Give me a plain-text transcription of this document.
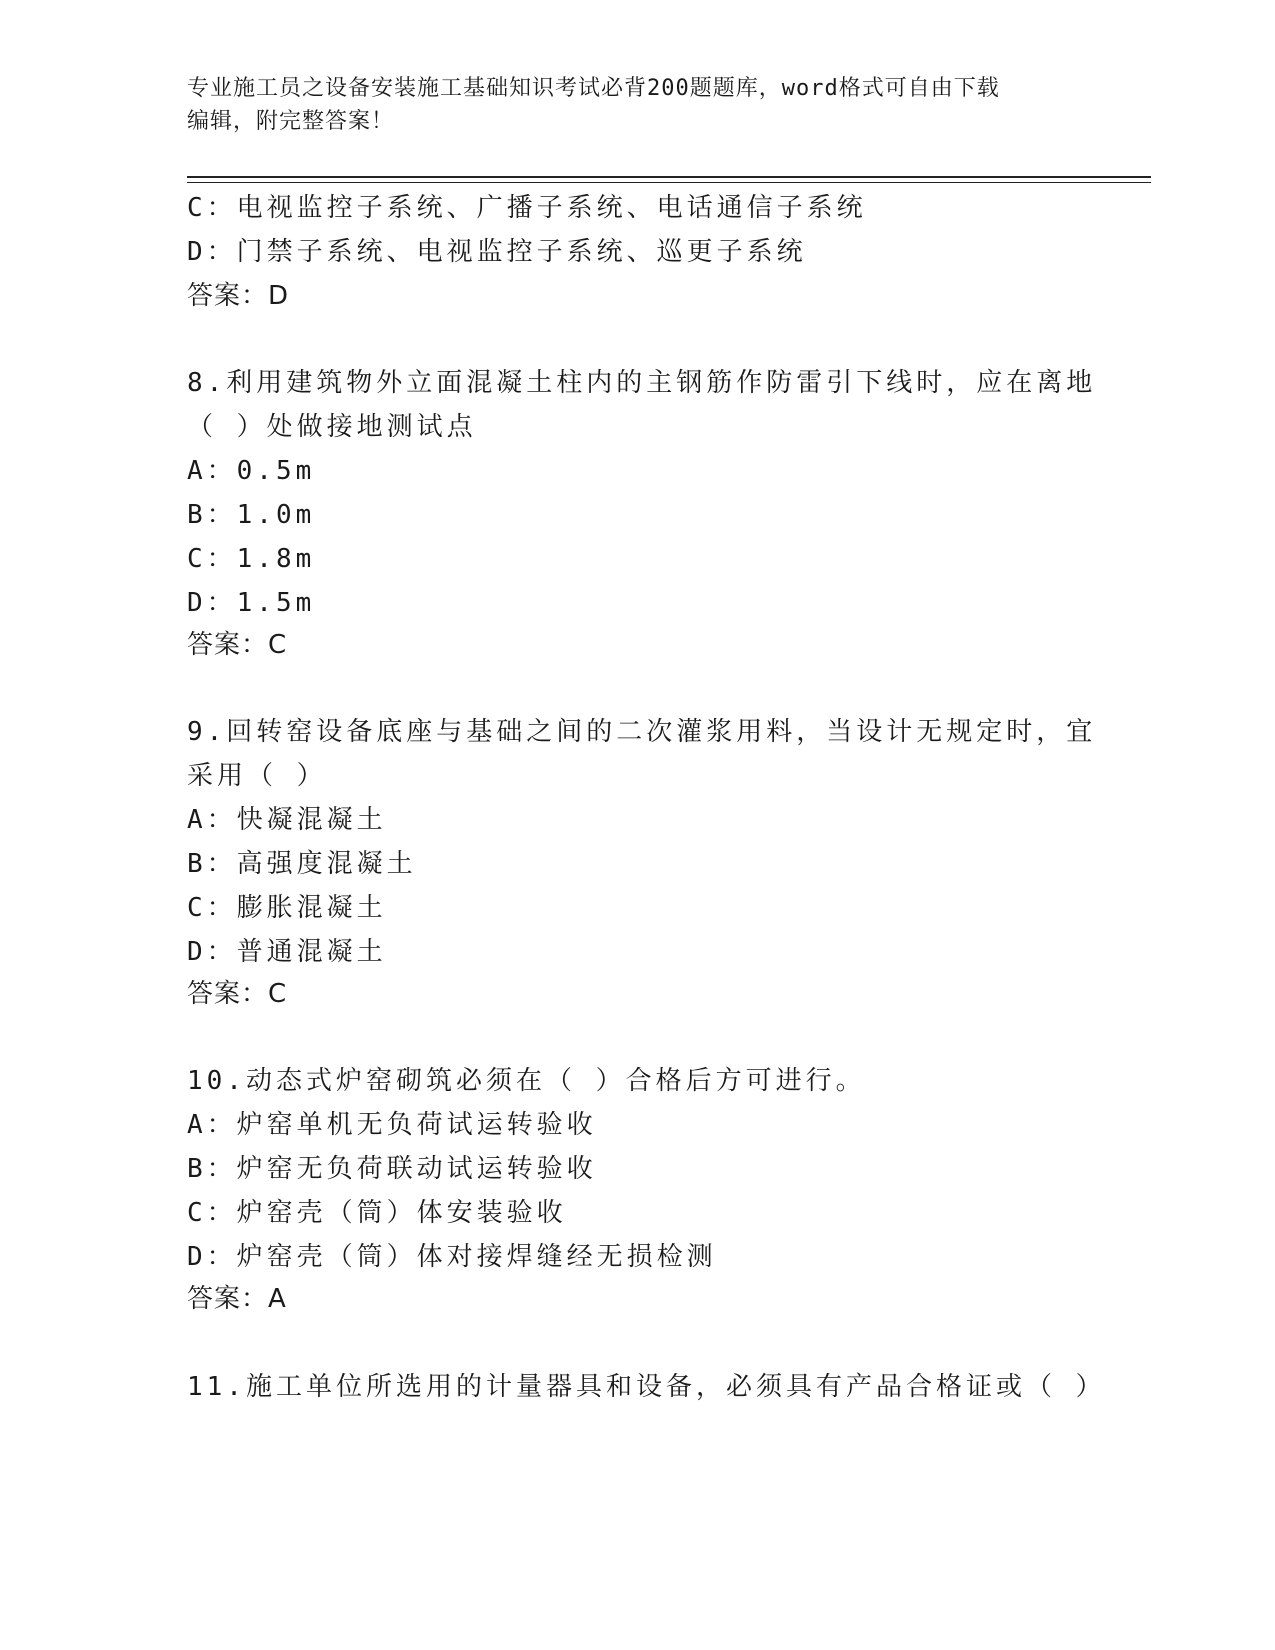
专业施工员之设备安装施工基础知识考试必背200题题库，word格式可自由下载
编辑，附完整答案！
C：电视监控子系统、广播子系统、电话通信子系统
D：门禁子系统、电视监控子系统、巡更子系统
答案：D
8.利用建筑物外立面混凝土柱内的主钢筋作防雷引下线时，应在离地
（ ）处做接地测试点
A：0.5m
B：1.0m
C：1.8m
D：1.5m
答案：C
9.回转窑设备底座与基础之间的二次灌浆用料，当设计无规定时，宜
采用（ ）
A：快凝混凝土
B：高强度混凝土
C：膨胀混凝土
D：普通混凝土
答案：C
10.动态式炉窑砌筑必须在（ ）合格后方可进行。
A：炉窑单机无负荷试运转验收
B：炉窑无负荷联动试运转验收
C：炉窑壳（筒）体安装验收
D：炉窑壳（筒）体对接焊缝经无损检测
答案：A
11.施工单位所选用的计量器具和设备，必须具有产品合格证或（ ）
